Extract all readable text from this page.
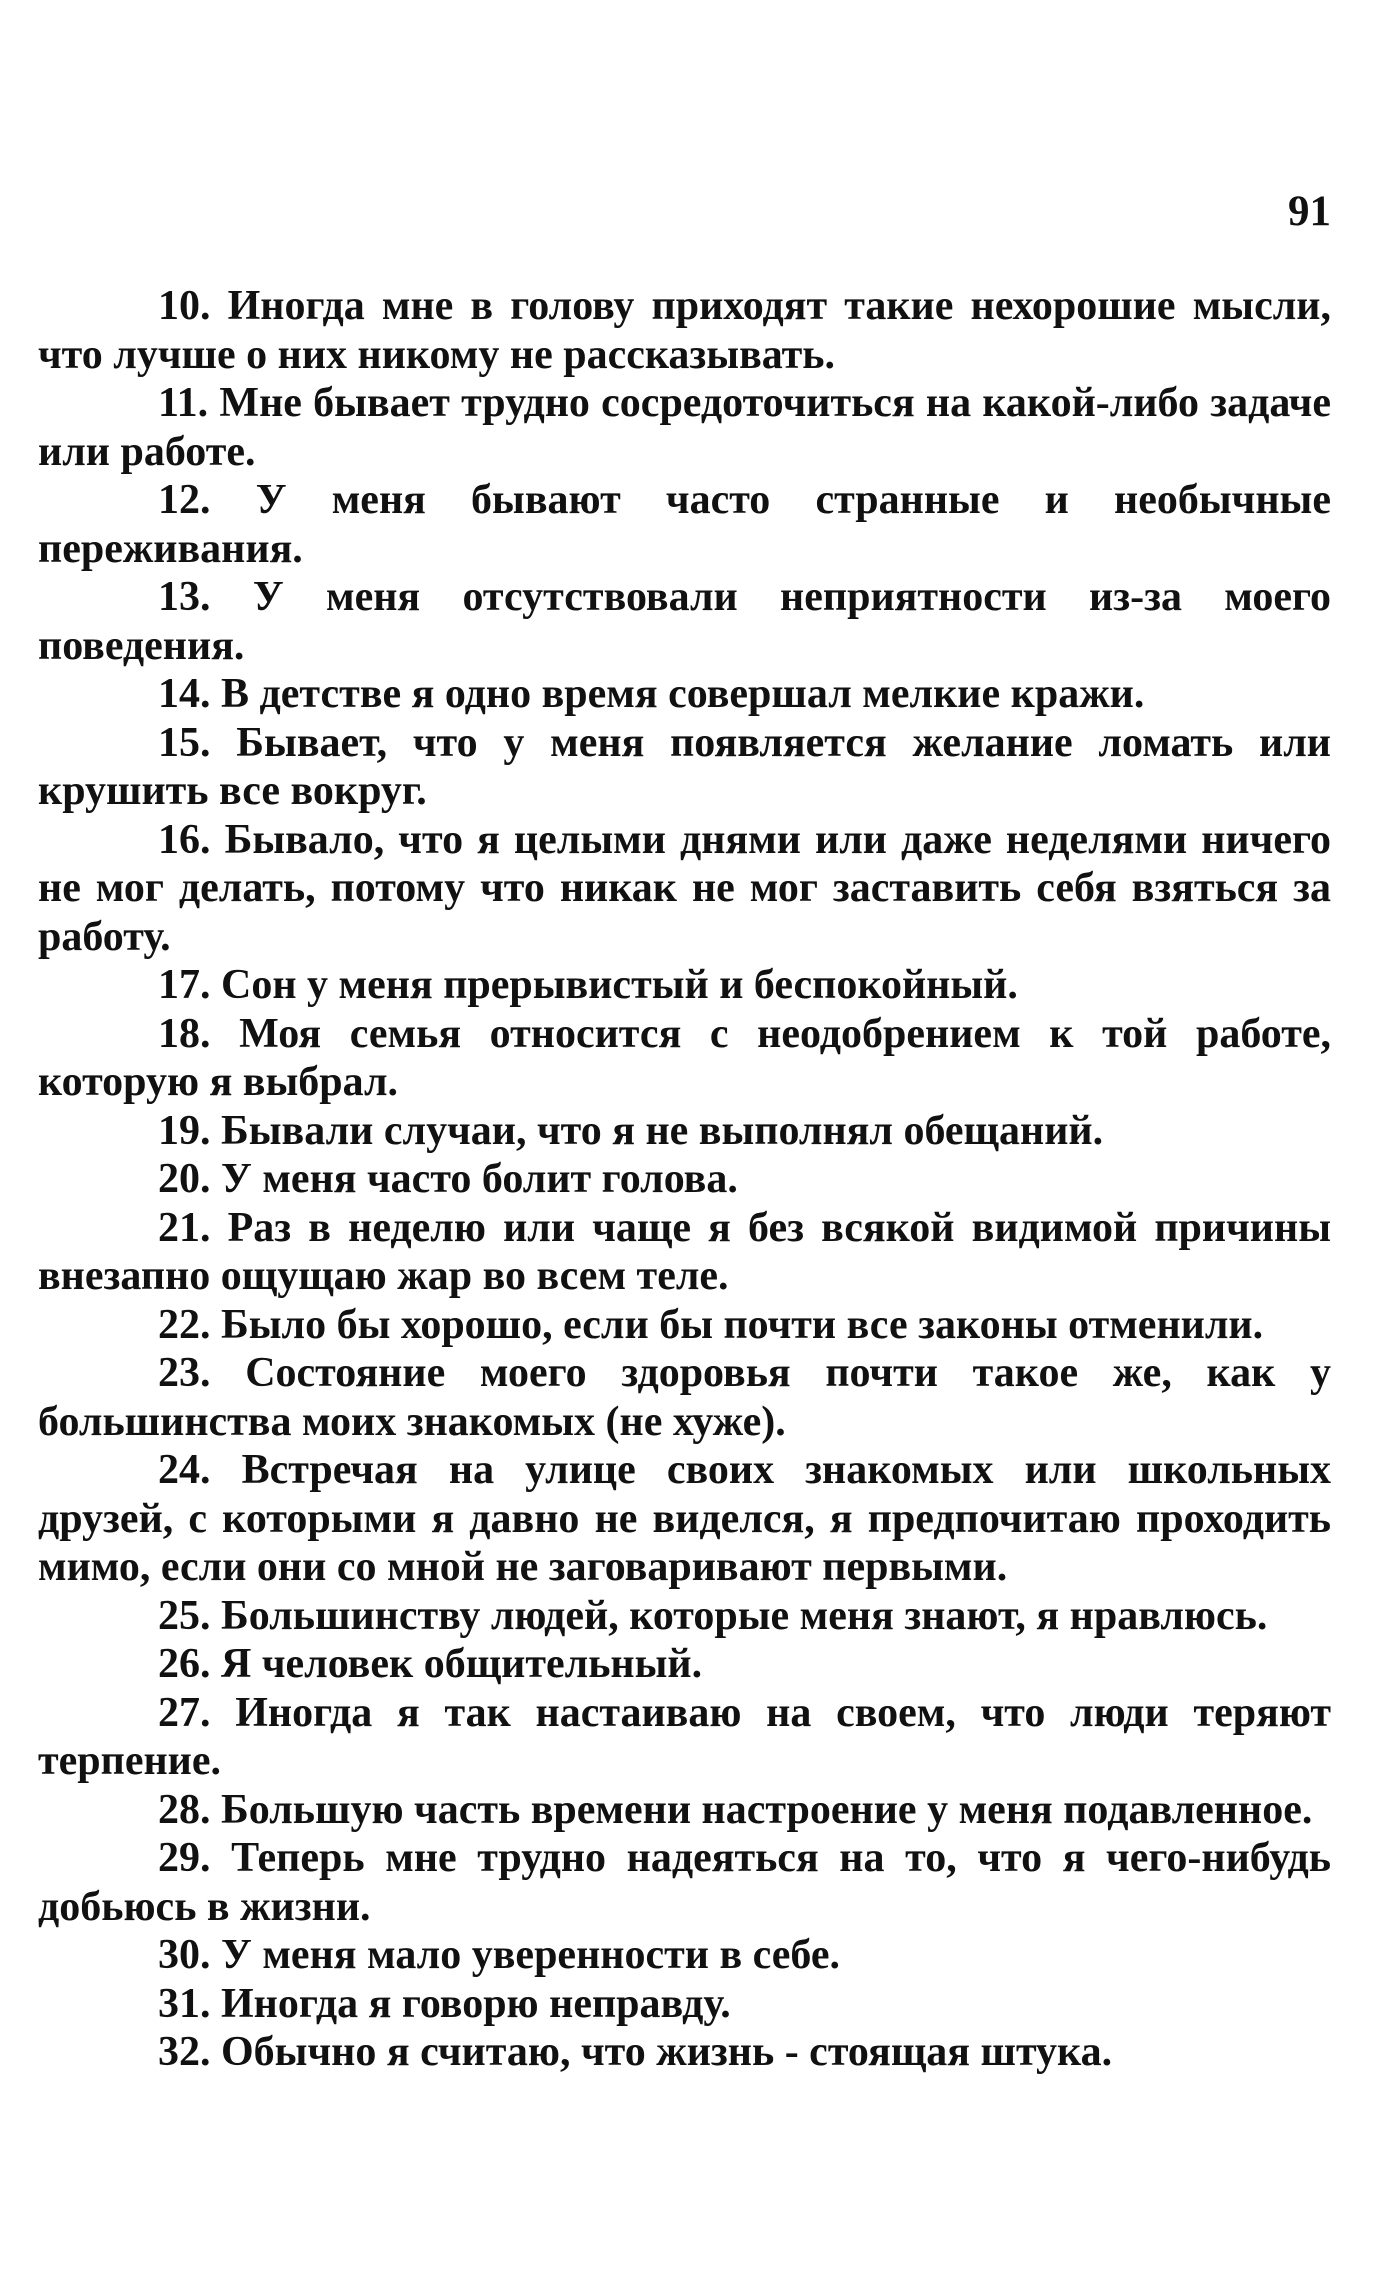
91

10. Иногда мне в голову приходят такие нехорошие мысли, что лучше о них никому не рассказывать.

11. Мне бывает трудно сосредоточиться на какой-либо задаче или работе.

12. У меня бывают часто странные и необычные переживания.

13. У меня отсутствовали неприятности из-за моего поведения.

14. В детстве я одно время совершал мелкие кражи.

15. Бывает, что у меня появляется желание ломать или крушить все вокруг.

16. Бывало, что я целыми днями или даже неделями ничего не мог делать, потому что никак не мог заставить себя взяться за работу.

17. Сон у меня прерывистый и беспокойный.

18. Моя семья относится с неодобрением к той работе, которую я выбрал.

19. Бывали случаи, что я не выполнял обещаний.

20. У меня часто болит голова.

21. Раз в неделю или чаще я без всякой видимой причины внезапно ощущаю жар во всем теле.

22. Было бы хорошо, если бы почти все законы отменили.

23. Состояние моего здоровья почти такое же, как у большинства моих знакомых (не хуже).

24. Встречая на улице своих знакомых или школьных друзей, с которыми я давно не виделся, я предпочитаю проходить мимо, если они со мной не заговаривают первыми.

25. Большинству людей, которые меня знают, я нравлюсь.

26. Я человек общительный.

27. Иногда я так настаиваю на своем, что люди теряют терпение.

28. Большую часть времени настроение у меня подавленное.

29. Теперь мне трудно надеяться на то, что я чего-нибудь добьюсь в жизни.

30. У меня мало уверенности в себе.

31. Иногда я говорю неправду.

32. Обычно я считаю, что жизнь - стоящая штука.
